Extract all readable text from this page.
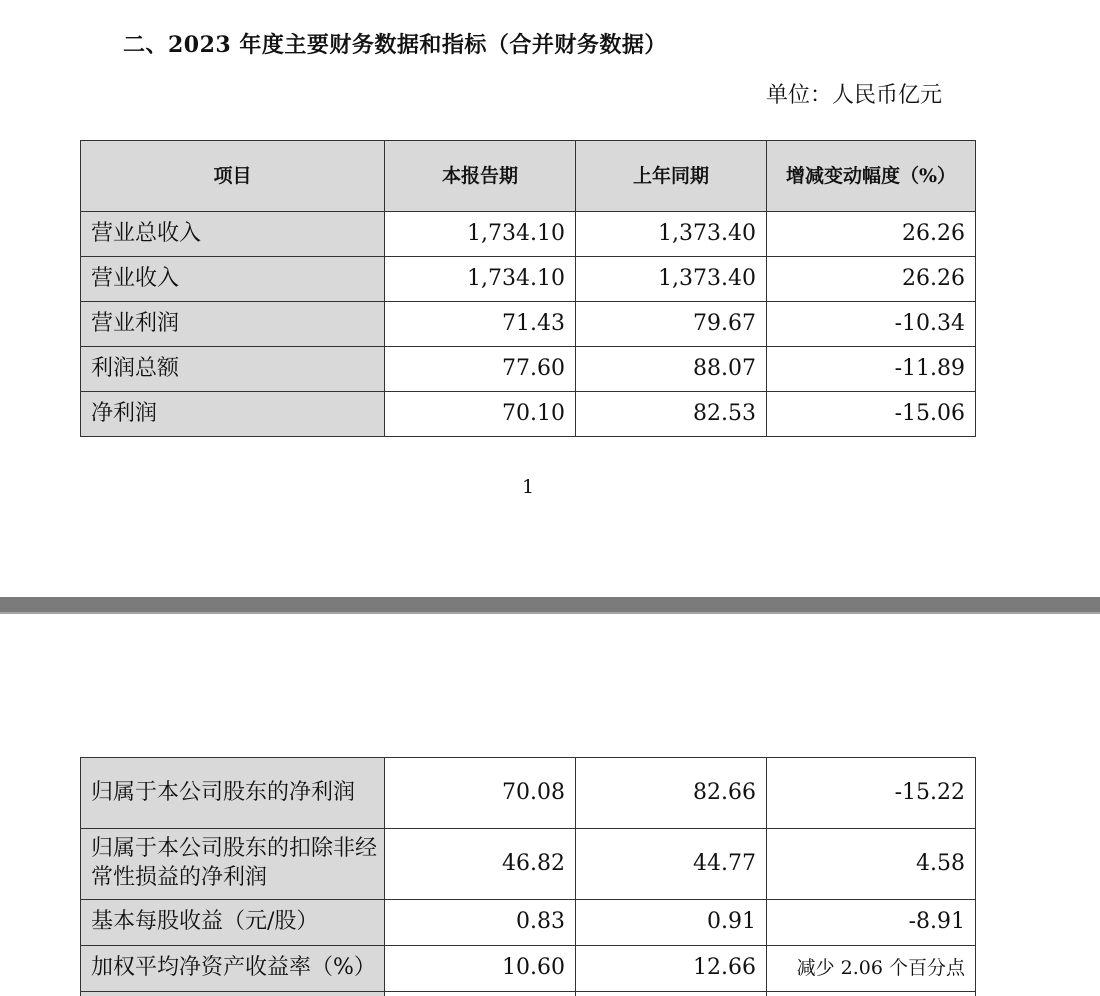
二、2023 年度主要财务数据和指标（合并财务数据）
单位：人民币亿元
项目	本报告期	上年同期	增减变动幅度（%）
营业总收入	1,734.10	1,373.40	26.26
营业收入	1,734.10	1,373.40	26.26
营业利润	71.43	79.67	-10.34
利润总额	77.60	88.07	-11.89
净利润	70.10	82.53	-15.06
1
归属于本公司股东的净利润	70.08	82.66	-15.22
归属于本公司股东的扣除非经常性损益的净利润	46.82	44.77	4.58
基本每股收益（元/股）	0.83	0.91	-8.91
加权平均净资产收益率（%）	10.60	12.66	减少 2.06 个百分点
